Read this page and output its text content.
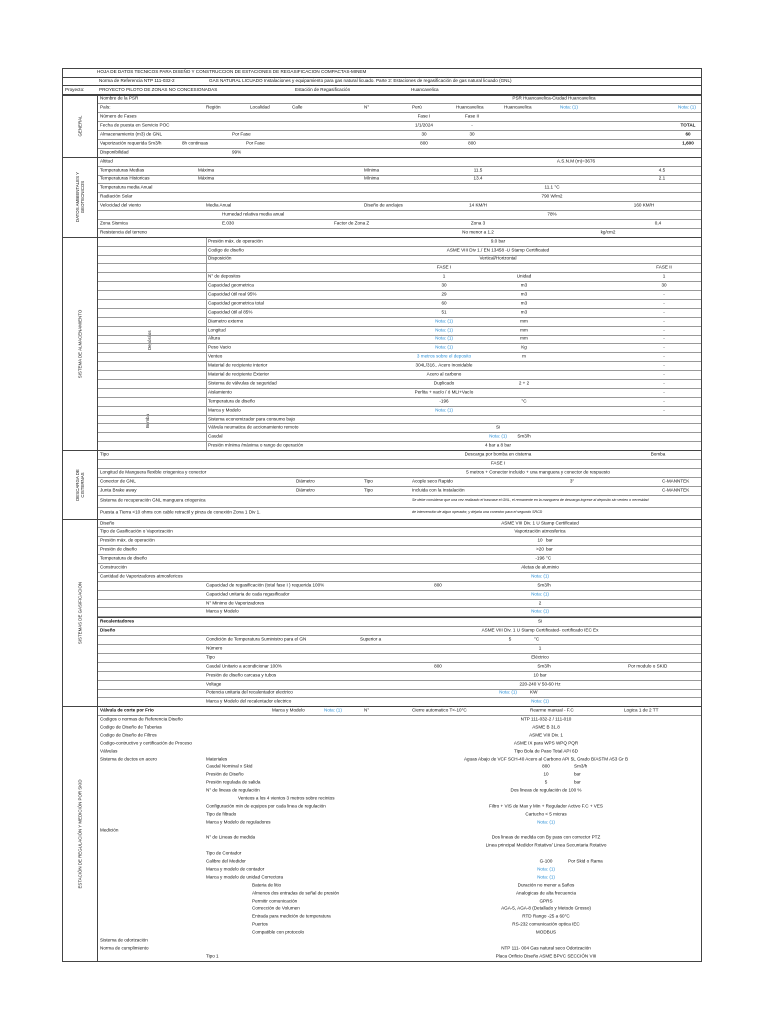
HOJA DE DATOS TECNICOS PARA DISEÑO Y CONSTRUCCION DE ESTACIONES DE REGASIFICACION COMPACTAS-MINEM
Norma de Referencia NTP 111-032-2	GAS NATURAL LICUADO Instalaciones y equipamiento para gas natural licuado. Parte 2: Estaciones de regasificación de gas natural licuado (GNL)
Proyecto:	PROYECTO PILOTO DE ZONAS NO CONCESIONADAS	Estación de Regasificación	Huancavelica
GENERAL
Nombre de la PSR	PSR Huancavelica-Ciudad Huancavelica
País:	Región	Localidad	Calle	N°	Perú	Huancavelica	Huancavelica	Nota: (1)	Nota: (1)
Número de Fases	Fase I	Fase II
Fecha de puesta en Servicio POC	1/1/2024	-	TOTAL
Almacenamiento (m3) de GNL	Por Fase	30	30	60
Vaporización requerida Sm3/h	8h continuas	Por Fase	800	800	1,600
Disponibilidad	99%
DATOS AMBIENTALES Y GEOTECNICOS
Altitud	A.S.N.M (m)=3676
Temperaturas Medias	Máxima	Mínima	11.5	4.5
Temperaturas Historicas	Máxima	Mínima	13.4	2.1
Temperatura media Anual	11.1 °C
Radiación Solar	790 W/m2
Velocidad del viento	Media Anual	Diseño de anclajes	14 KM/H	160 KM/H
Humedad relativa media anual	78%
Zona Sismica	E.030	Factor de Zona Z	Zona 3	0,4
Resistencia del terreno	No menor a 1.2	kg/cm2
SISTEMA DE ALMACENAMIENTO	Depósitos
Bomba
Presión máx. de operación	9.0 bar
Codigo de diseño	ASME VIII Div 1./ EN 13458 -U Stamp Certificated
Disposición	Vertical/Horizontal
FASE I	FASE II
N° de depositos	1	Unidad	1
Capacidad geometrica	30	m3	30
Capacidad útil real 95%	29	m3	-
Capacidad geometrica total	60	m3	-
Capacidad útil al 85%	51	m3	-
Diametro externo	Nota: (1)	mm	-
Longitud	Nota: (1)	mm	-
Altura	Nota: (1)	mm	-
Peso Vacio	Nota: (1)	Kg	-
Venteo	3 metros sobre el deposito	m	-
Material de recipiente interior	304L/316.. Acero Inoxidable	-
Material de recipiente Exterior	Acero al carbono	-
Sistema de válvulas de seguridad	Duplicado	2 + 2	-
Aislamiento	Perlita + vacío / ó MLI+Vacío	-
Temperatura de diseño	-196	°C	-
Marca y Modelo	Nota: (1)	-
Sistema economizador para consumo bajo
Válvula neumatica de accionamiento remoto	Si
Caudal	Nota: (1) Sm3/h
Presión mínima /máxima o rango de operación	4 bar a 8 bar
DESCARGA DE CISTERNAS
Tipo	Descarga por bomba en cisterna	Bomba
FASE I
Longitud de Manguera flexible criogenica y conector	5 metros + Conector incluido + una manguera y conector de respuesto
Conector de GNL	Diámetro	Tipo	Acople seco Rapido	3"	C-MANNTEK
Junta Brake away	Diámetro	Tipo	Incluida con la Instalación	C-MANNTEK
Sistema de recuperación GNL manguera criogenica	Se debe considerar que una vez realizado el trasvase el GNL, el remanente en la manguera de descarga ingrese al deposito sin venteo o necesidad
Puesta a Tierra <10 ohms con cable retractil y pinza de conexión Zona 1 Div 1.	de intervención de algun operador, y dejarla una conexion para el segundo SRCD
SISTEMAS DE GASIFICACION
Diseño	ASME VIII Div. 1 U Stamp Certificated
Tipo de Gasificación o Vaporización	Vaporización atmosferica
Presión máx. de operación	10 bar
Presión de diseño	>20 bar
Temperatura de diseño	-196 °C
Construcción	Aletas de aluminio
Cantidad de Vaporizadores atmosfericos	Nota: (1)
Capacidad de regasificación (total fase I ) requerida 100%	800	Sm3/h
Capacidad unitaria de cada regasificador	Nota: (1)
N° Minimo de Vaporizadores	2
Marca y Modelo	Nota: (1)
Recalentadores	Si
Diseño	ASME VIII Div. 1 U Stamp Certificated- certificado IEC Ex
Condición de Temperatura Suministro para el GN	Superior a	5	°C
Número	1
Tipo	Eléctrico
Caudal Unitario a acondicionar 100%	800	Sm3/h	Por modulo o SKID
Presión de diseño carcasa y tubos	10 bar
Voltage	220-240 V 50-60 Hz
Potencia unitaria del recalentador electrico	Nota: (1)	KW
Marca y Modelo del recalentador electrico	Nota: (1)
ESTACIÓN DE REGULACIÓN Y MEDICIÓN POR SKID
Válvula de corte por Frio	Marca y Modelo	Nota: (1)	N°	Cierre automatico T<-10°C	Rearme manual - F.C	Logica 1 de 2 TT
Codigos o normas de Referencia Diseño	NTP 111-032-2 / 111-010
Codigo de Diseño de Tuberias	ASME B 31.8
Codigo de Diseño de Filtros	ASME VIII Div. 1
Codigo-contructivo y certificación de Proceso	ASME IX para WPS WPQ PQR
Válvulas	Tipo Bola de Paso Total API 6D
Sistema de ductos en acero	Materiales	Aguas Abajo de VCF SCH-40 Acero al Carbono API 5L Grado B/ASTM A53 Gr B
Caudal Nominal x Skid	800	Sm3/h
Presión de Diseño	10	bar
Presión regulada de salida	5	bar
N° de lineas de regulación	Dos lineas de regulación de 100 %
Venteos a los 4 vientos 3 metros sobre recintos
Configuración min de equipos por cada linea de regulación	Filtro + VIS de Max y Min + Regulador Activo F.C + VES
Tipo de filtrado	Cartucho < 5 micras
Marca y Modelo de reguladores	Nota: (1)
Medición
N° de Lineas de medida	Dos lineas de medida con By pass con corrector PTZ
Linea principal Medidor Rotativo/ Linea Secuntaria Rotativo
Tipo de Contador
Calibre del Medidor	G-100	Por Skid o Rama
Marca y modelo de contador	Nota: (1)
Marca y modelo de unidad Correctora	Nota: (1)
Bateria de litio	Duración no menor a 5años
Almenos dos entradas de señal de presión	Analogicas de alta frecuencia
Permitir comunicación	GPRS
Corrección de Volumen	AGA-5, AGA-8 (Detallado y Metodo Grosso)
Entrada para medición de temperatura	RTD Rango -25 a 60°C
Puertos	RS-232 comunicación optica IEC
Compatible con protocolo	MODBUS
Sistema de odorización
Norma de cumplimiento	NTP 111- 004 Gas natural seco Odorización
Tipo 1	Placa Orificio Diseño ASME BPVC SECCIÓN VIII
